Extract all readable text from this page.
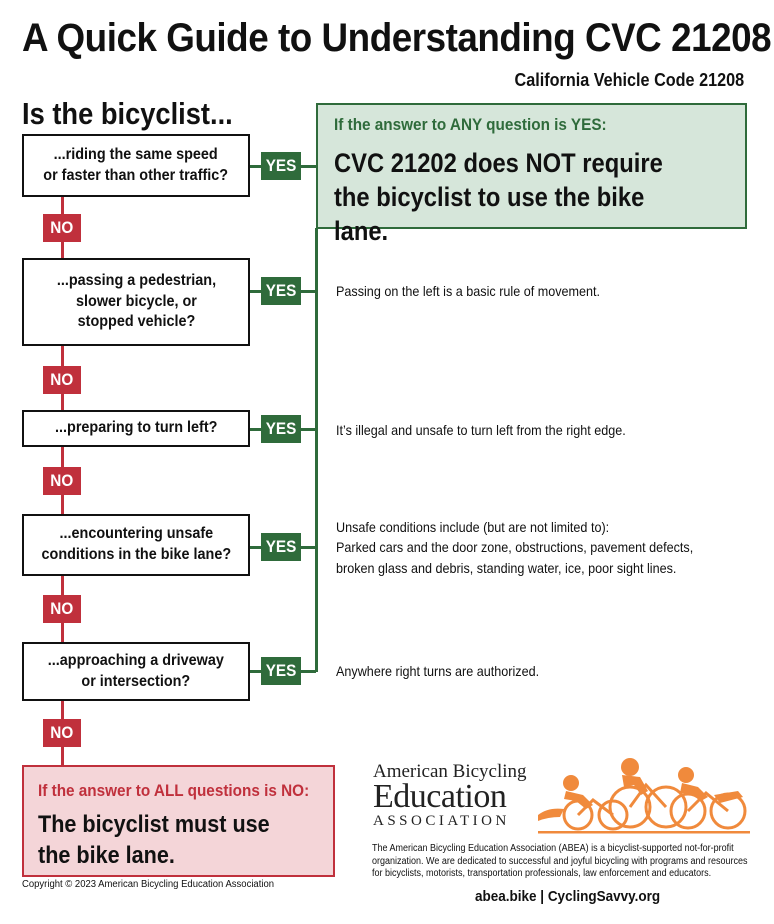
A Quick Guide to Understanding CVC 21208
California Vehicle Code 21208
Is the bicyclist...
...riding the same speed
or faster than other traffic?
...passing a pedestrian,
slower bicycle, or
stopped vehicle?
...preparing to turn left?
...encountering unsafe
conditions in the bike lane?
...approaching a driveway
or intersection?
YES
YES
YES
YES
YES
NO
NO
NO
NO
NO
If the answer to ANY question is YES:
CVC 21202 does NOT require
the bicyclist to use the bike lane.
Passing on the left is a basic rule of movement.
It’s illegal and unsafe to turn left from the right edge.
Unsafe conditions include (but are not limited to):
Parked cars and the door zone, obstructions, pavement defects,
broken glass and debris, standing water, ice, poor sight lines.
Anywhere right turns are authorized.
If the answer to ALL questions is NO:
The bicyclist must use
the bike lane.
Copyright © 2023 American Bicycling Education Association
American Bicycling
Education
ASSOCIATION
The American Bicycling Education Association (ABEA) is a bicyclist-supported not-for-profit organization. We are dedicated to successful and joyful bicycling with programs and resources for bicyclists, motorists, transportation professionals, law enforcement and educators.
abea.bike | CyclingSavvy.org
